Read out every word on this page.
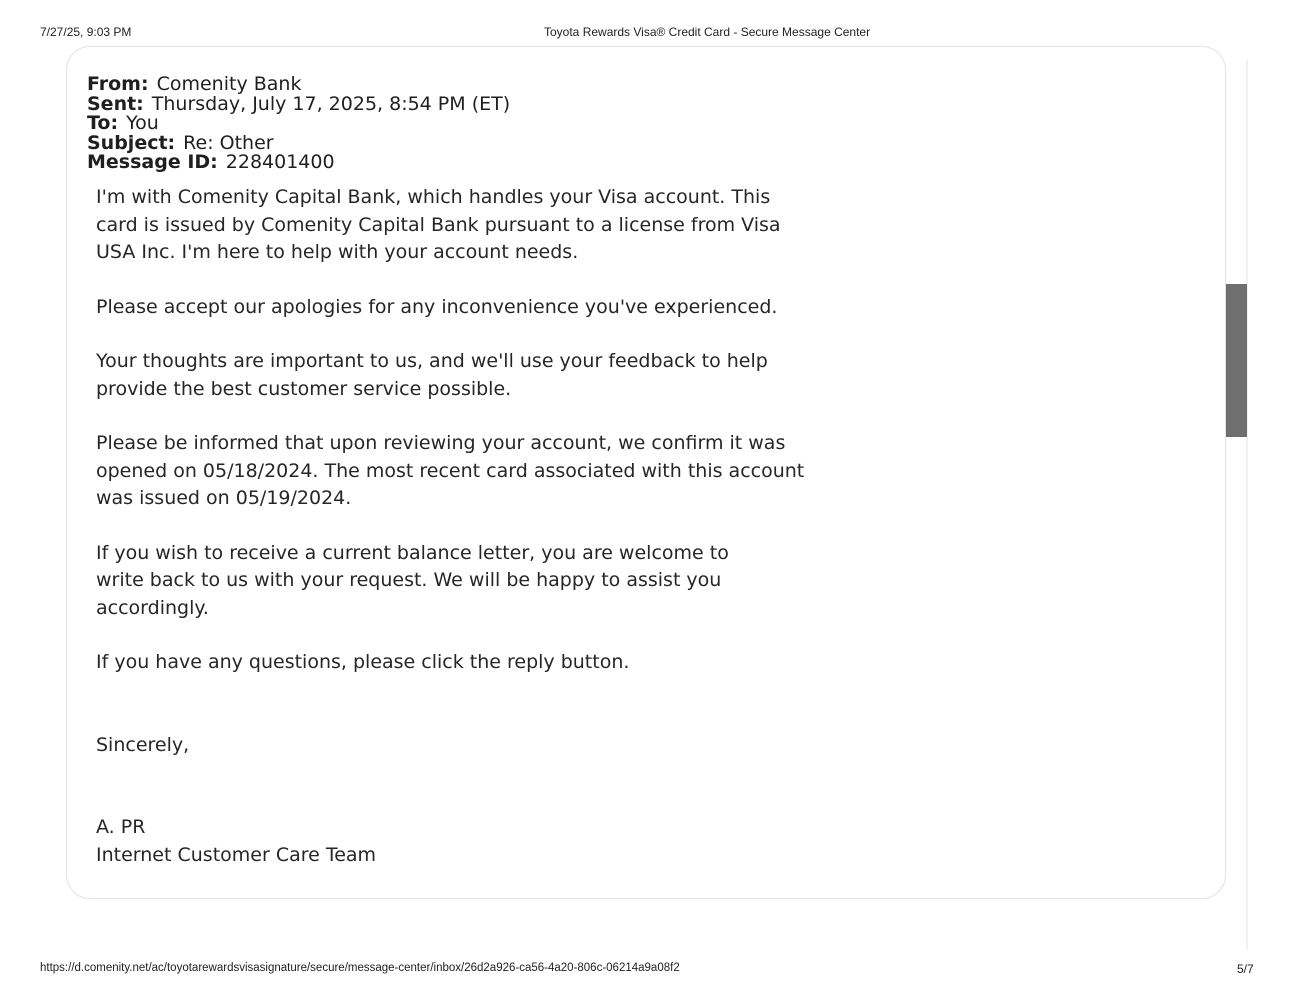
7/27/25, 9:03 PM	Toyota Rewards Visa® Credit Card - Secure Message Center
From: Comenity Bank
Sent: Thursday, July 17, 2025, 8:54 PM (ET)
To: You
Subject: Re: Other
Message ID: 228401400

I'm with Comenity Capital Bank, which handles your Visa account. This
card is issued by Comenity Capital Bank pursuant to a license from Visa
USA Inc. I'm here to help with your account needs.

Please accept our apologies for any inconvenience you've experienced.

Your thoughts are important to us, and we'll use your feedback to help
provide the best customer service possible.

Please be informed that upon reviewing your account, we confirm it was
opened on 05/18/2024. The most recent card associated with this account
was issued on 05/19/2024.

If you wish to receive a current balance letter, you are welcome to
write back to us with your request. We will be happy to assist you
accordingly.

If you have any questions, please click the reply button.

Sincerely,

A. PR

Internet Customer Care Team

https://d.comenity.net/ac/toyotarewardsvisasignature/secure/message-center/inbox/26d2a926-ca56-4a20-806c-06214a9a08f2	5/7
